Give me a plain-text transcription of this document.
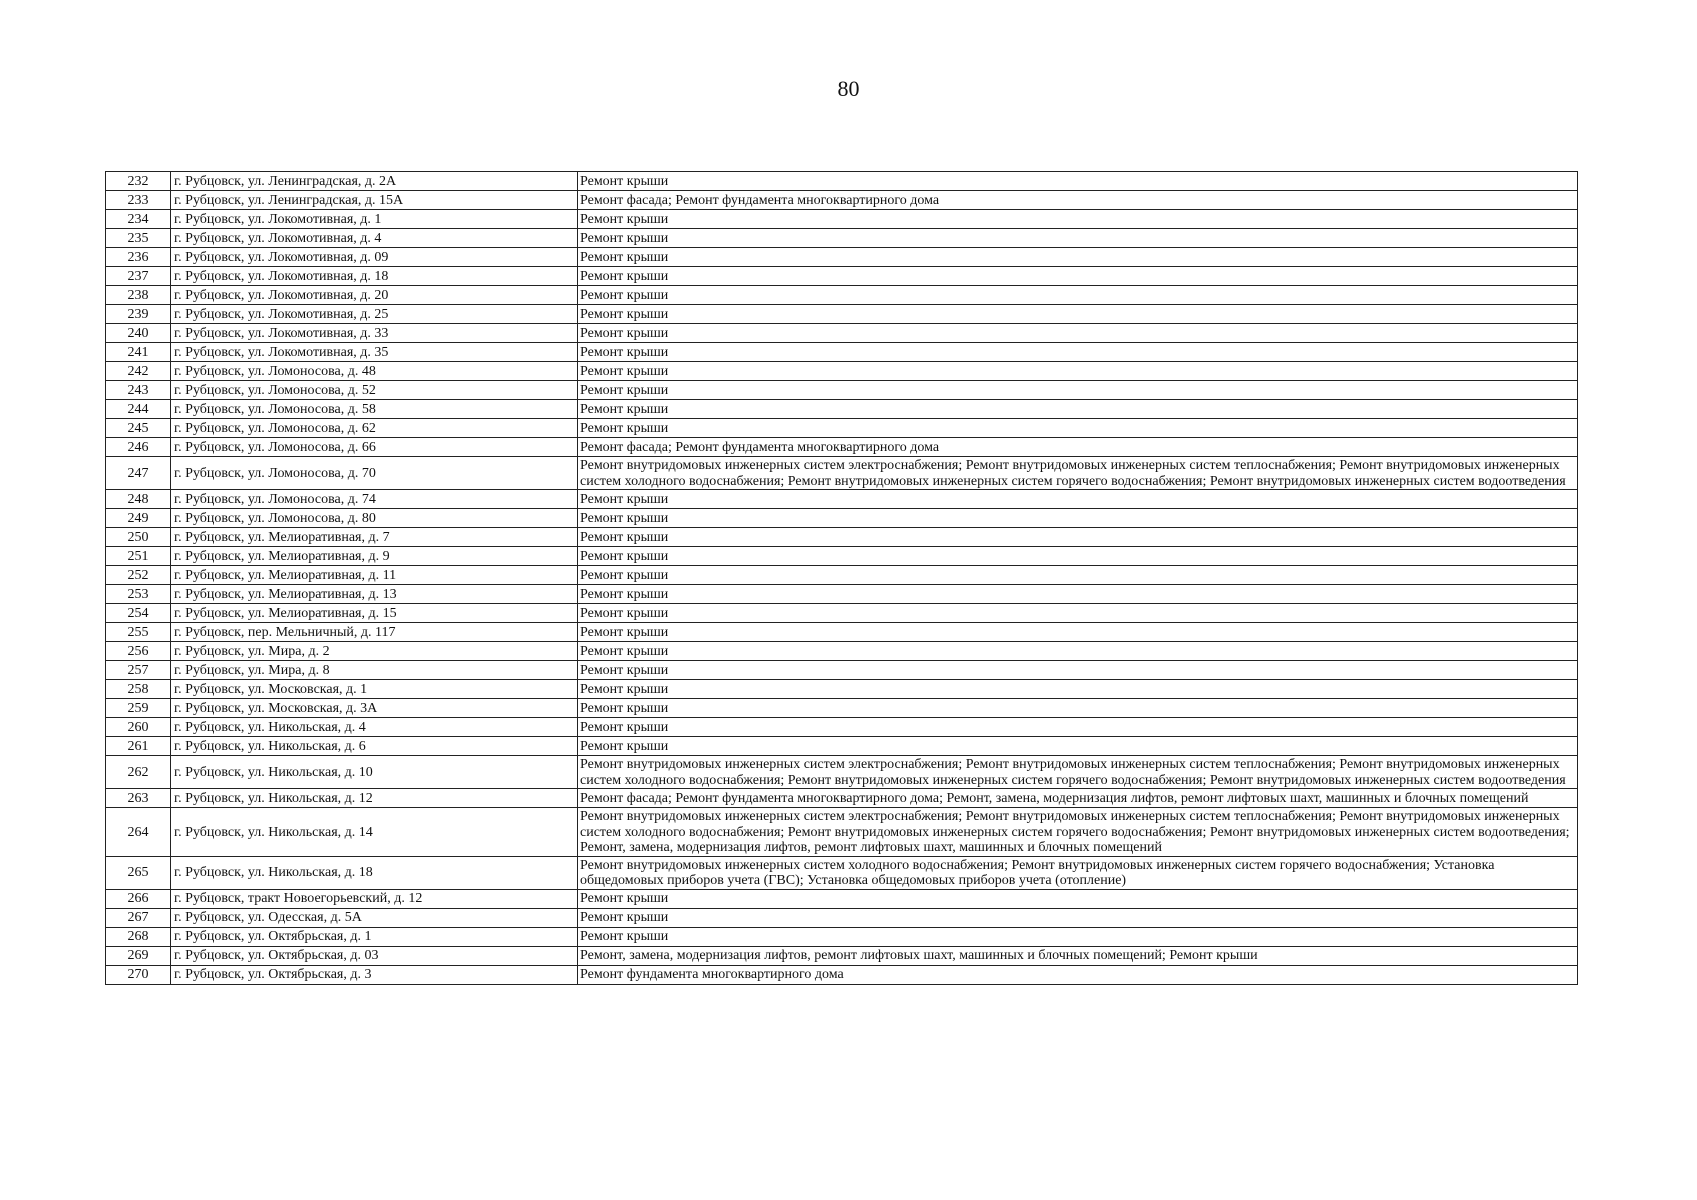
80
232	г. Рубцовск, ул. Ленинградская, д. 2А	Ремонт крыши
233	г. Рубцовск, ул. Ленинградская, д. 15А	Ремонт фасада; Ремонт фундамента многоквартирного дома
234	г. Рубцовск, ул. Локомотивная, д. 1	Ремонт крыши
235	г. Рубцовск, ул. Локомотивная, д. 4	Ремонт крыши
236	г. Рубцовск, ул. Локомотивная, д. 09	Ремонт крыши
237	г. Рубцовск, ул. Локомотивная, д. 18	Ремонт крыши
238	г. Рубцовск, ул. Локомотивная, д. 20	Ремонт крыши
239	г. Рубцовск, ул. Локомотивная, д. 25	Ремонт крыши
240	г. Рубцовск, ул. Локомотивная, д. 33	Ремонт крыши
241	г. Рубцовск, ул. Локомотивная, д. 35	Ремонт крыши
242	г. Рубцовск, ул. Ломоносова, д. 48	Ремонт крыши
243	г. Рубцовск, ул. Ломоносова, д. 52	Ремонт крыши
244	г. Рубцовск, ул. Ломоносова, д. 58	Ремонт крыши
245	г. Рубцовск, ул. Ломоносова, д. 62	Ремонт крыши
246	г. Рубцовск, ул. Ломоносова, д. 66	Ремонт фасада; Ремонт фундамента многоквартирного дома
247	г. Рубцовск, ул. Ломоносова, д. 70	Ремонт внутридомовых инженерных систем электроснабжения; Ремонт внутридомовых инженерных систем теплоснабжения; Ремонт внутридомовых инженерных систем холодного водоснабжения; Ремонт внутридомовых инженерных систем горячего водоснабжения; Ремонт внутридомовых инженерных систем водоотведения
248	г. Рубцовск, ул. Ломоносова, д. 74	Ремонт крыши
249	г. Рубцовск, ул. Ломоносова, д. 80	Ремонт крыши
250	г. Рубцовск, ул. Мелиоративная, д. 7	Ремонт крыши
251	г. Рубцовск, ул. Мелиоративная, д. 9	Ремонт крыши
252	г. Рубцовск, ул. Мелиоративная, д. 11	Ремонт крыши
253	г. Рубцовск, ул. Мелиоративная, д. 13	Ремонт крыши
254	г. Рубцовск, ул. Мелиоративная, д. 15	Ремонт крыши
255	г. Рубцовск, пер. Мельничный, д. 117	Ремонт крыши
256	г. Рубцовск, ул. Мира, д. 2	Ремонт крыши
257	г. Рубцовск, ул. Мира, д. 8	Ремонт крыши
258	г. Рубцовск, ул. Московская, д. 1	Ремонт крыши
259	г. Рубцовск, ул. Московская, д. 3А	Ремонт крыши
260	г. Рубцовск, ул. Никольская, д. 4	Ремонт крыши
261	г. Рубцовск, ул. Никольская, д. 6	Ремонт крыши
262	г. Рубцовск, ул. Никольская, д. 10	Ремонт внутридомовых инженерных систем электроснабжения; Ремонт внутридомовых инженерных систем теплоснабжения; Ремонт внутридомовых инженерных систем холодного водоснабжения; Ремонт внутридомовых инженерных систем горячего водоснабжения; Ремонт внутридомовых инженерных систем водоотведения
263	г. Рубцовск, ул. Никольская, д. 12	Ремонт фасада; Ремонт фундамента многоквартирного дома; Ремонт, замена, модернизация лифтов, ремонт лифтовых шахт, машинных и блочных помещений
264	г. Рубцовск, ул. Никольская, д. 14	Ремонт внутридомовых инженерных систем электроснабжения; Ремонт внутридомовых инженерных систем теплоснабжения; Ремонт внутридомовых инженерных систем холодного водоснабжения; Ремонт внутридомовых инженерных систем горячего водоснабжения; Ремонт внутридомовых инженерных систем водоотведения; Ремонт, замена, модернизация лифтов, ремонт лифтовых шахт, машинных и блочных помещений
265	г. Рубцовск, ул. Никольская, д. 18	Ремонт внутридомовых инженерных систем холодного водоснабжения; Ремонт внутридомовых инженерных систем горячего водоснабжения; Установка общедомовых приборов учета (ГВС); Установка общедомовых приборов учета (отопление)
266	г. Рубцовск, тракт Новоегорьевский, д. 12	Ремонт крыши
267	г. Рубцовск, ул. Одесская, д. 5А	Ремонт крыши
268	г. Рубцовск, ул. Октябрьская, д. 1	Ремонт крыши
269	г. Рубцовск, ул. Октябрьская, д. 03	Ремонт, замена, модернизация лифтов, ремонт лифтовых шахт, машинных и блочных помещений; Ремонт крыши
270	г. Рубцовск, ул. Октябрьская, д. 3	Ремонт фундамента многоквартирного дома
